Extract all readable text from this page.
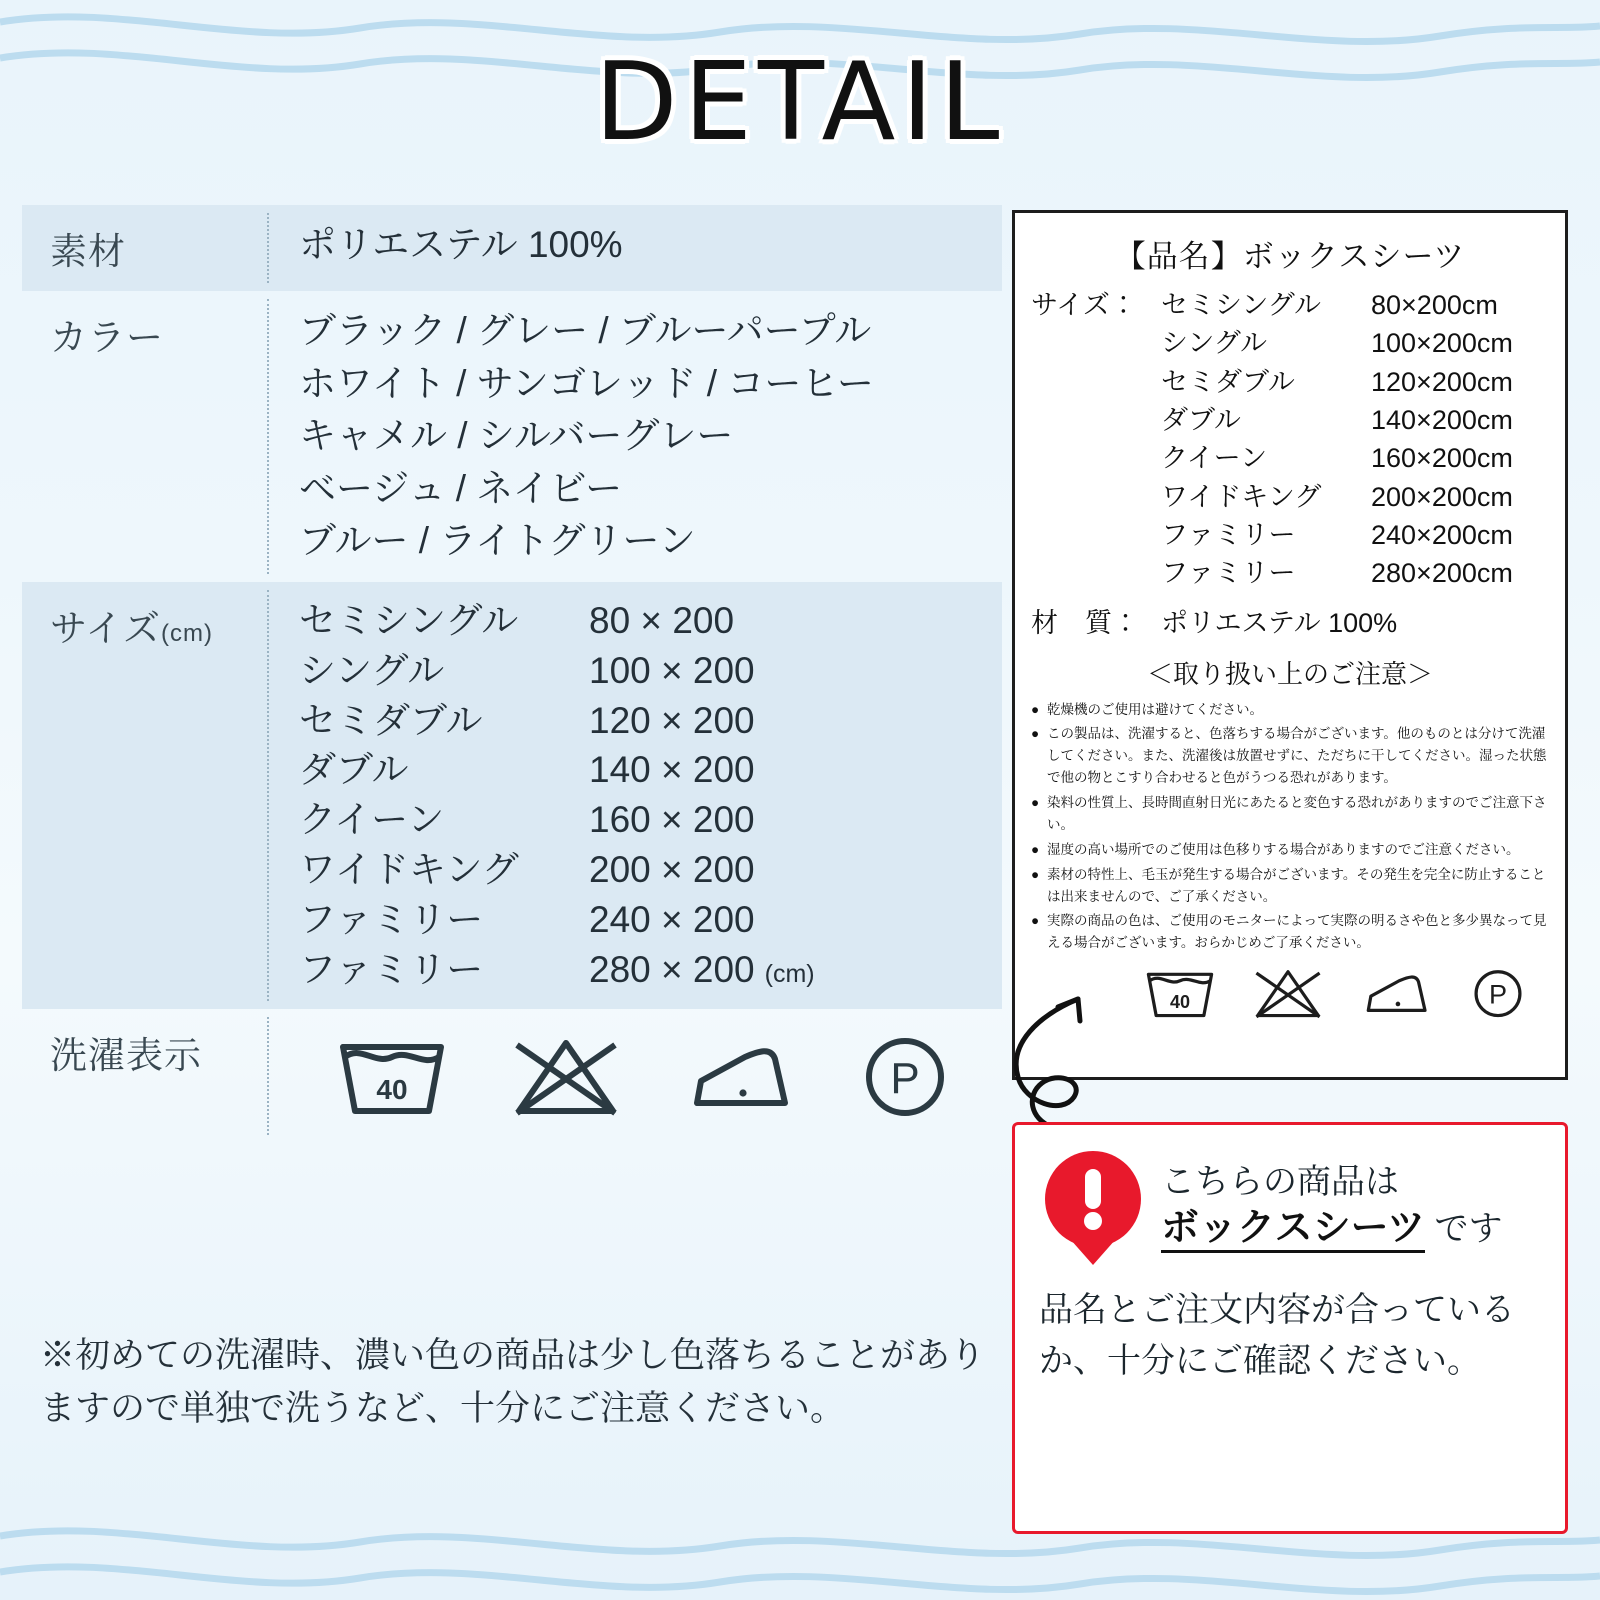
DETAIL
素材	ポリエステル 100%
カラー	ブラック / グレー / ブルーパープル
ホワイト / サンゴレッド / コーヒー
キャメル / シルバーグレー
ベージュ / ネイビー
ブルー / ライトグリーン
サイズ(cm)	セミシングル	80 × 200
シングル	100 × 200
セミダブル	120 × 200
ダブル	140 × 200
クイーン	160 × 200
ワイドキング	200 × 200
ファミリー	240 × 200
ファミリー	280 × 200 (cm)
洗濯表示
40	P
※初めての洗濯時、濃い色の商品は少し色落ちることがありますので単独で洗うなど、十分にご注意ください。
【品名】ボックスシーツ
サイズ： セミシングル	80×200cm
シングル	100×200cm
セミダブル	120×200cm
ダブル	140×200cm
クイーン	160×200cm
ワイドキング	200×200cm
ファミリー	240×200cm
ファミリー	280×200cm
材　質： ポリエステル 100%
＜取り扱い上のご注意＞
● 乾燥機のご使用は避けてください。
● この製品は、洗濯すると、色落ちする場合がございます。他のものとは分けて洗濯してください。また、洗濯後は放置せずに、ただちに干してください。湿った状態で他の物とこすり合わせると色がうつる恐れがあります。
● 染料の性質上、長時間直射日光にあたると変色する恐れがありますのでご注意下さい。
● 湿度の高い場所でのご使用は色移りする場合がありますのでご注意ください。
● 素材の特性上、毛玉が発生する場合がございます。その発生を完全に防止することは出来ませんので、ご了承ください。
● 実際の商品の色は、ご使用のモニターによって実際の明るさや色と多少異なって見える場合がございます。おらかじめご了承ください。
40	P
こちらの商品は
ボックスシーツ です
品名とご注文内容が合っているか、十分にご確認ください。
